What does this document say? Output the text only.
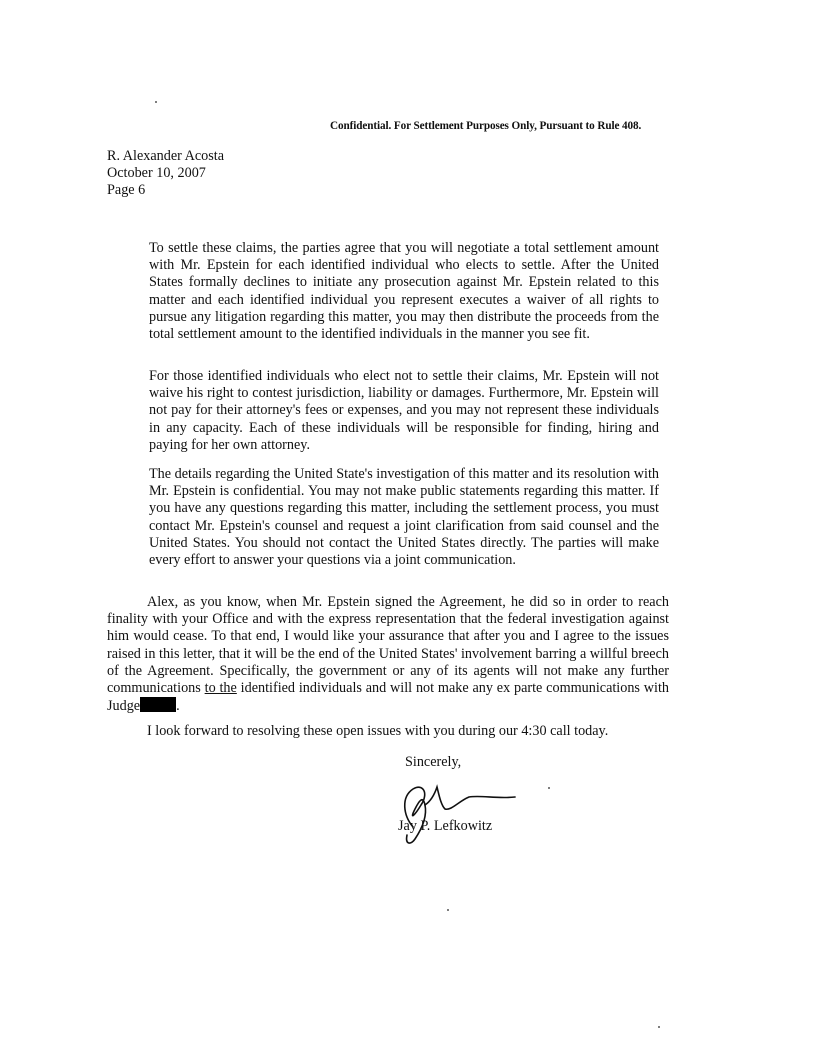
Confidential. For Settlement Purposes Only, Pursuant to Rule 408.
R. Alexander Acosta
October 10, 2007
Page 6

To settle these claims, the parties agree that you will negotiate a total settlement amount with Mr. Epstein for each identified individual who elects to settle. After the United States formally declines to initiate any prosecution against Mr. Epstein related to this matter and each identified individual you represent executes a waiver of all rights to pursue any litigation regarding this matter, you may then distribute the proceeds from the total settlement amount to the identified individuals in the manner you see fit.

For those identified individuals who elect not to settle their claims, Mr. Epstein will not waive his right to contest jurisdiction, liability or damages. Furthermore, Mr. Epstein will not pay for their attorney's fees or expenses, and you may not represent these individuals in any capacity. Each of these individuals will be responsible for finding, hiring and paying for her own attorney.

The details regarding the United State's investigation of this matter and its resolution with Mr. Epstein is confidential. You may not make public statements regarding this matter. If you have any questions regarding this matter, including the settlement process, you must contact Mr. Epstein's counsel and request a joint clarification from said counsel and the United States. You should not contact the United States directly. The parties will make every effort to answer your questions via a joint communication.

Alex, as you know, when Mr. Epstein signed the Agreement, he did so in order to reach finality with your Office and with the express representation that the federal investigation against him would cease. To that end, I would like your assurance that after you and I agree to the issues raised in this letter, that it will be the end of the United States' involvement barring a willful breech of the Agreement. Specifically, the government or any of its agents will not make any further communications to the identified individuals and will not make any ex parte communications with Judge	.

I look forward to resolving these open issues with you during our 4:30 call today.

Sincerely,
Jay P. Lefkowitz
